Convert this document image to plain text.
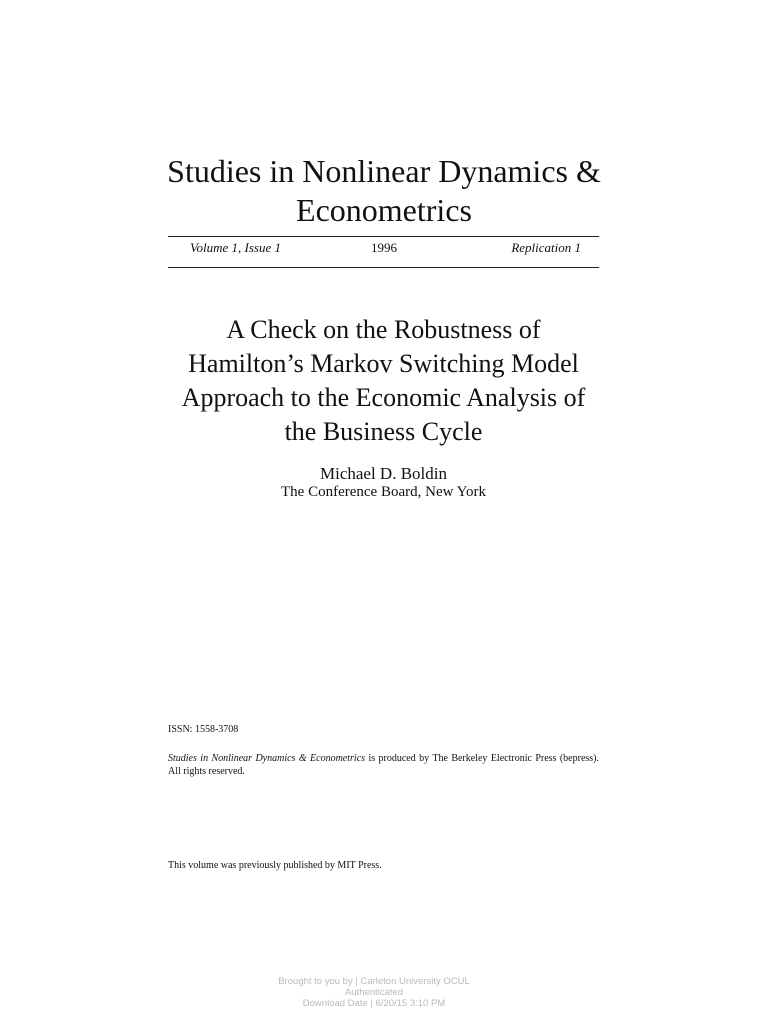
Studies in Nonlinear Dynamics & Econometrics
Volume 1, Issue 1	1996	Replication 1
A Check on the Robustness of
Hamilton’s Markov Switching Model
Approach to the Economic Analysis of
the Business Cycle
Michael D. Boldin
The Conference Board, New York
ISSN: 1558-3708
Studies in Nonlinear Dynamics & Econometrics is produced by The Berkeley Electronic Press (bepress). All rights reserved.
This volume was previously published by MIT Press.
Brought to you by | Carleton University OCUL
Authenticated
Download Date | 6/20/15 3:10 PM
